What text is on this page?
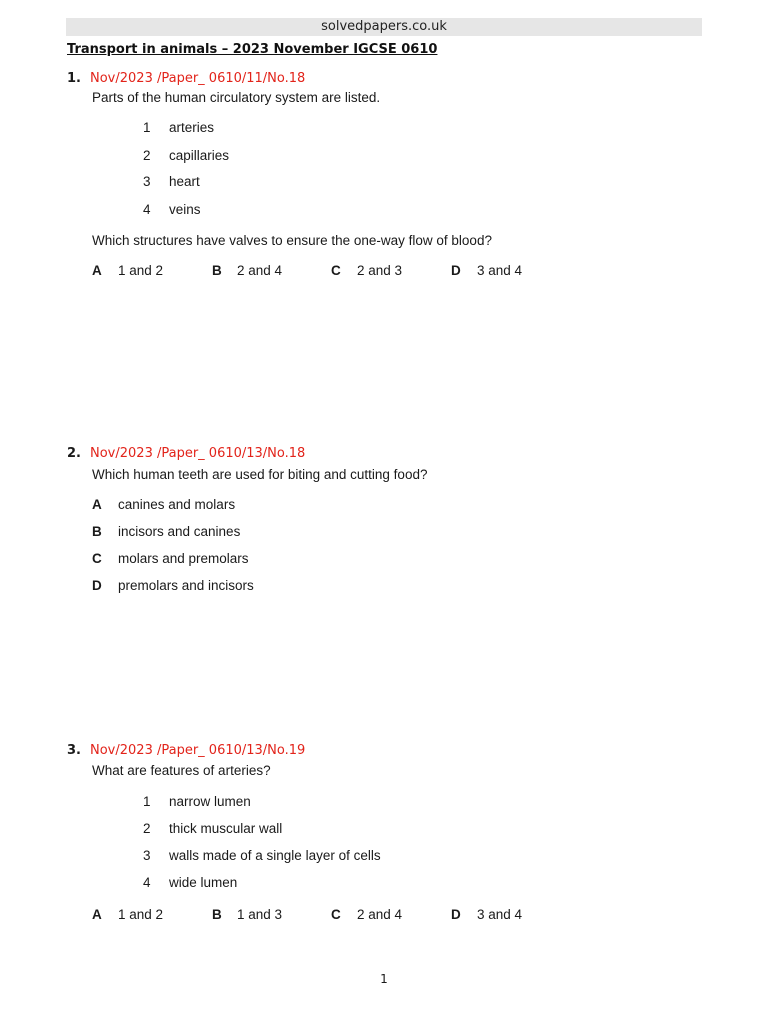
solvedpapers.co.uk
Transport in animals – 2023 November IGCSE 0610
1. Nov/2023 /Paper_ 0610/11/No.18
Parts of the human circulatory system are listed.
1 arteries
2 capillaries
3 heart
4 veins
Which structures have valves to ensure the one-way flow of blood?
A 1 and 2	B 2 and 4	C 2 and 3	D 3 and 4
2. Nov/2023 /Paper_ 0610/13/No.18
Which human teeth are used for biting and cutting food?
A canines and molars
B incisors and canines
C molars and premolars
D premolars and incisors
3. Nov/2023 /Paper_ 0610/13/No.19
What are features of arteries?
1 narrow lumen
2 thick muscular wall
3 walls made of a single layer of cells
4 wide lumen
A 1 and 2	B 1 and 3	C 2 and 4	D 3 and 4
1
